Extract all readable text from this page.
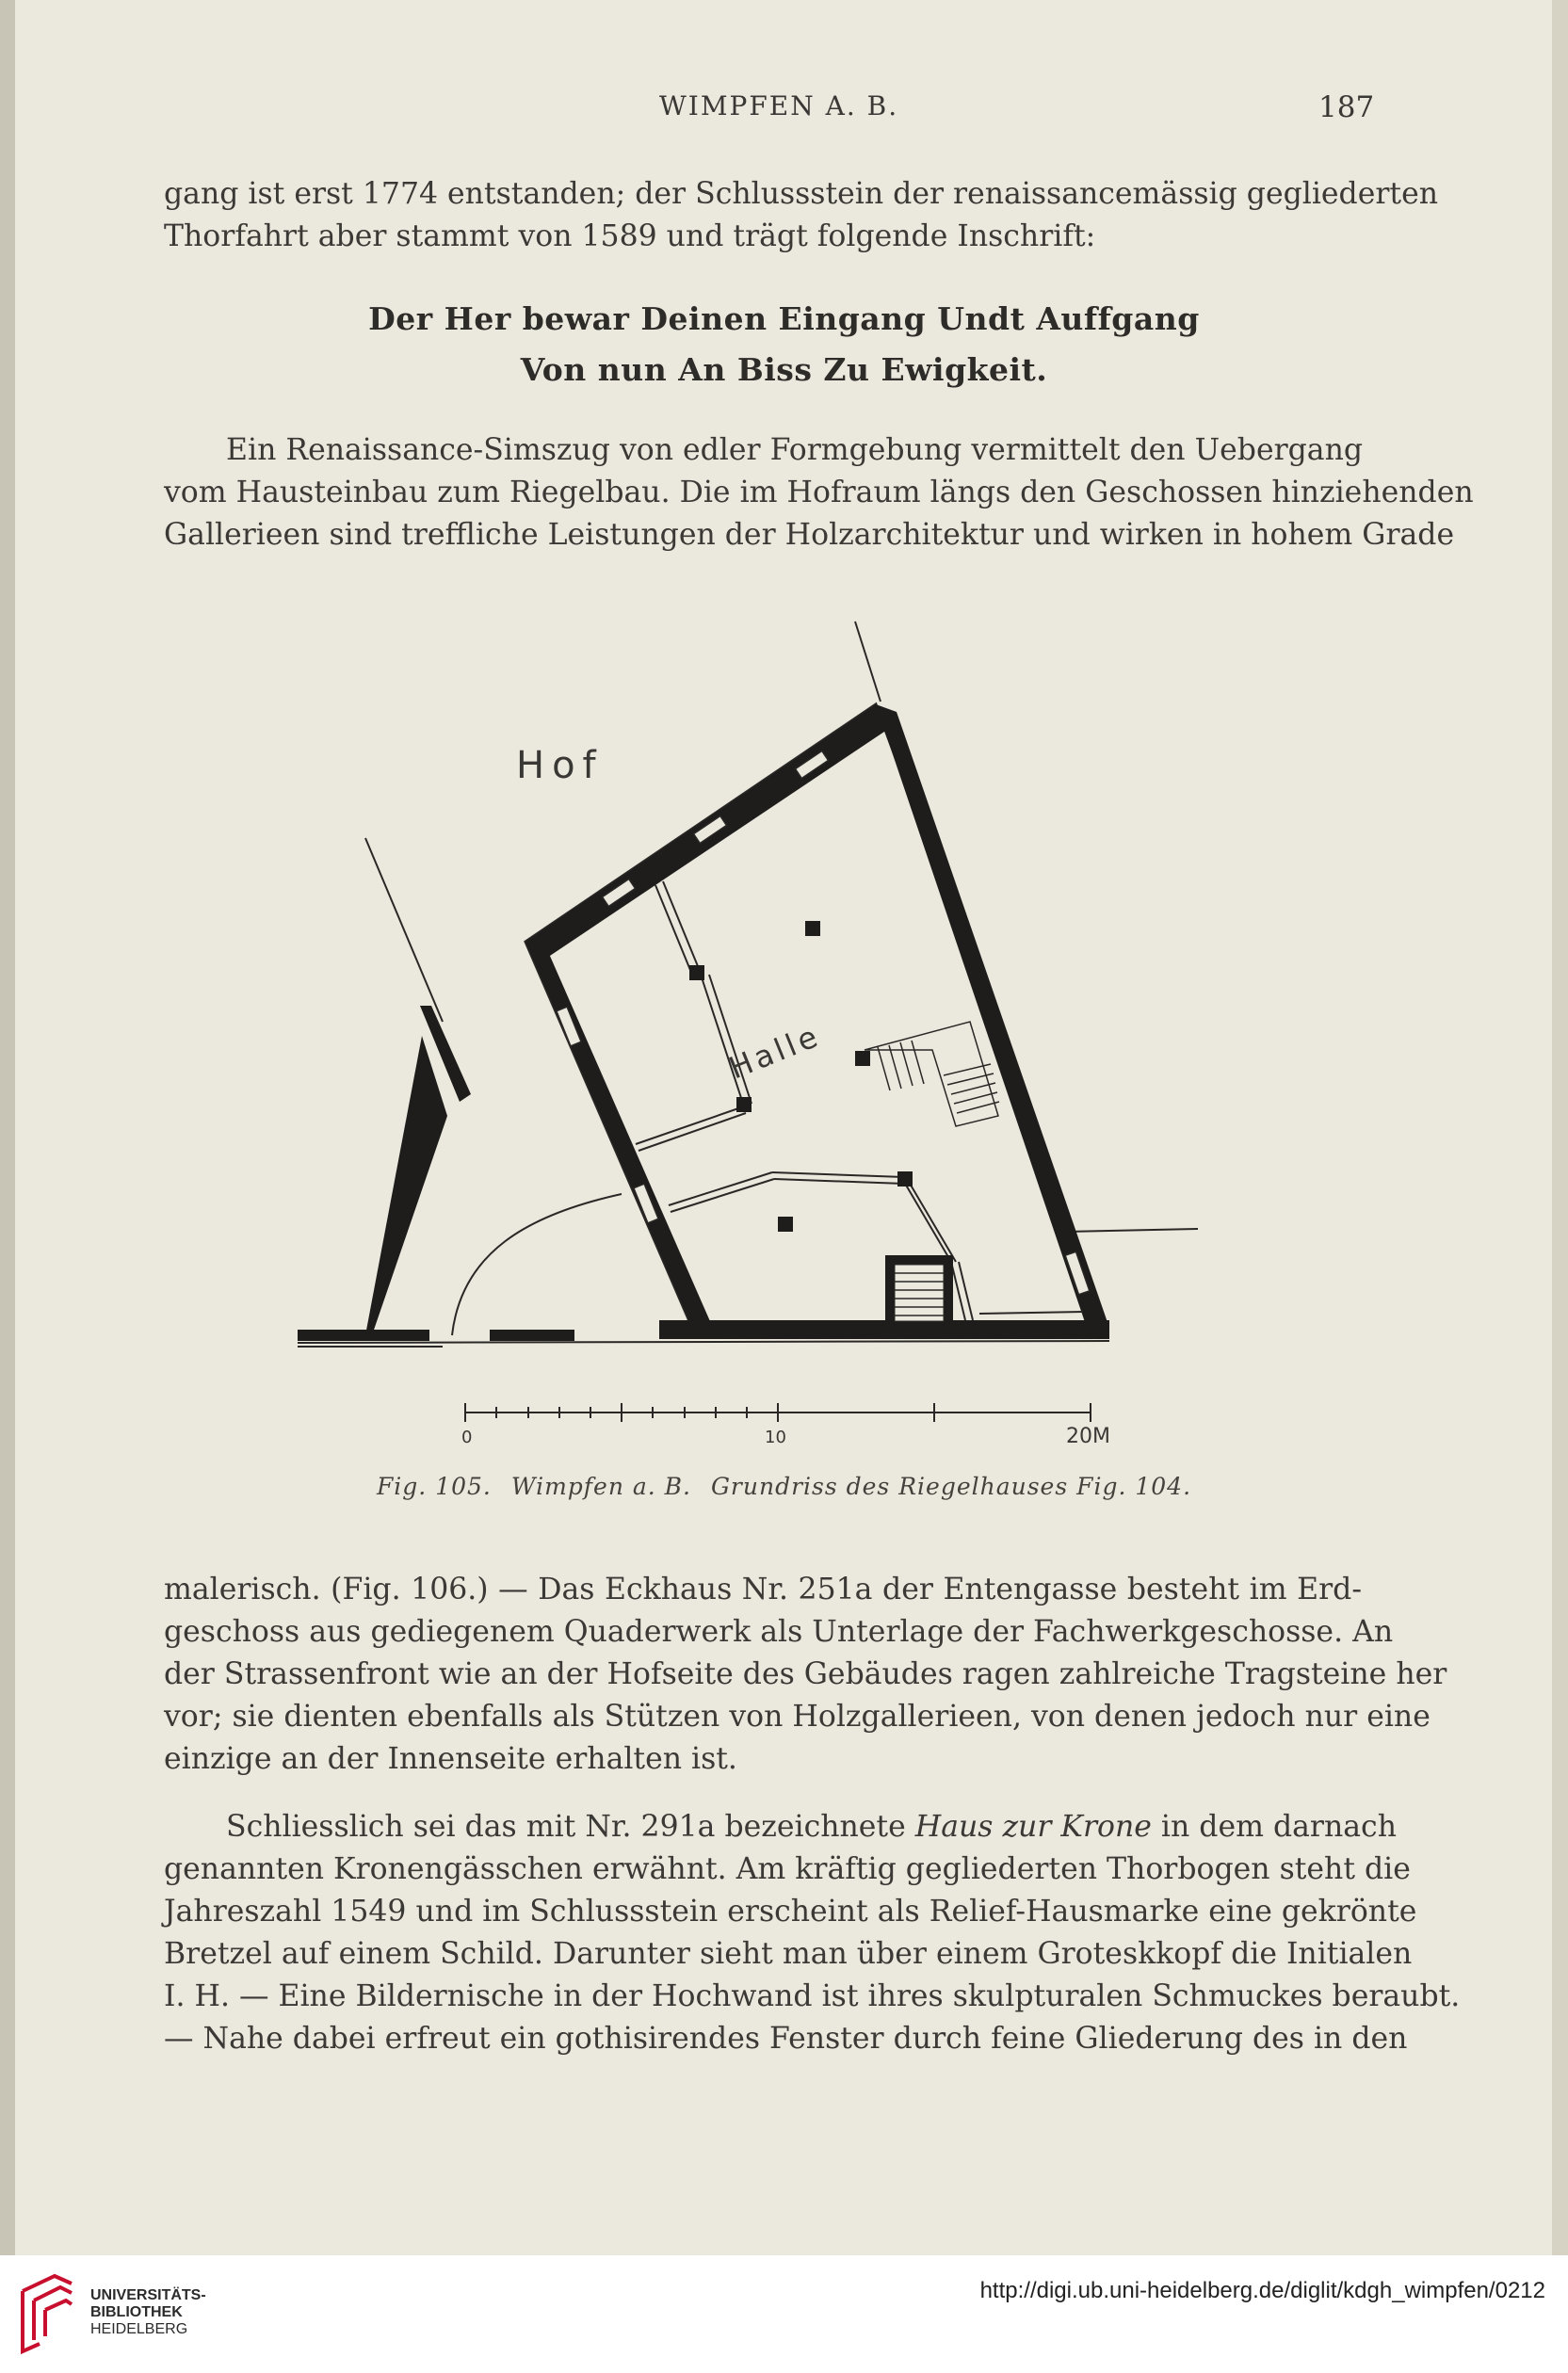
WIMPFEN A. B.	187
gang ist erst 1774 entstanden; der Schlussstein der renaissancemässig gegliederten
Thorfahrt aber stammt von 1589 und trägt folgende Inschrift:
Der Her bewar Deinen Eingang Undt Auffgang
Von nun An Biss Zu Ewigkeit.
Ein Renaissance-Simszug von edler Formgebung vermittelt den Uebergang
vom Hausteinbau zum Riegelbau. Die im Hofraum längs den Geschossen hinziehenden
Gallerieen sind treffliche Leistungen der Holzarchitektur und wirken in hohem Grade
Hof
Halle
0	10	20M
Fig. 105. Wimpfen a. B. Grundriss des Riegelhauses Fig. 104.
malerisch. (Fig. 106.) — Das Eckhaus Nr. 251a der Entengasse besteht im Erd-
geschoss aus gediegenem Quaderwerk als Unterlage der Fachwerkgeschosse. An
der Strassenfront wie an der Hofseite des Gebäudes ragen zahlreiche Tragsteine her
vor; sie dienten ebenfalls als Stützen von Holzgallerieen, von denen jedoch nur eine
einzige an der Innenseite erhalten ist.
Schliesslich sei das mit Nr. 291a bezeichnete Haus zur Krone in dem darnach
genannten Kronengässchen erwähnt. Am kräftig gegliederten Thorbogen steht die
Jahreszahl 1549 und im Schlussstein erscheint als Relief-Hausmarke eine gekrönte
Bretzel auf einem Schild. Darunter sieht man über einem Groteskkopf die Initialen
I. H. — Eine Bildernische in der Hochwand ist ihres skulpturalen Schmuckes beraubt.
— Nahe dabei erfreut ein gothisirendes Fenster durch feine Gliederung des in den
UNIVERSITÄTS-
BIBLIOTHEK
HEIDELBERG
http://digi.ub.uni-heidelberg.de/diglit/kdgh_wimpfen/0212
